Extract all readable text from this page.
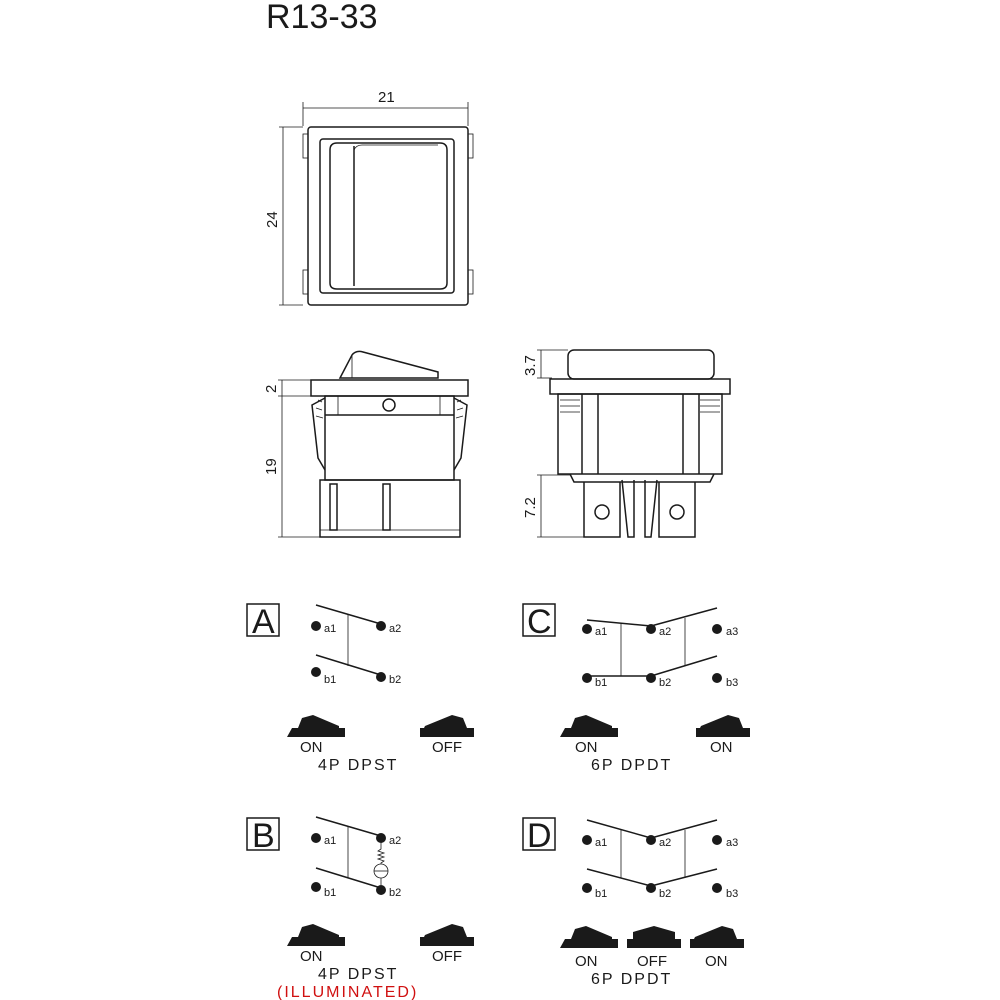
R13-33
21
24
2
19
3.7
7.2
A	a1	a2
b1	b2
ON	OFF
4P DPST
B	a1	a2
b1	b2
ON	OFF
4P DPST
(ILLUMINATED)
C	a1	a2	a3
b1	b2	b3
ON	ON
6P DPDT
D	a1	a2	a3
b1	b2	b3
ON	OFF	ON
6P DPDT
